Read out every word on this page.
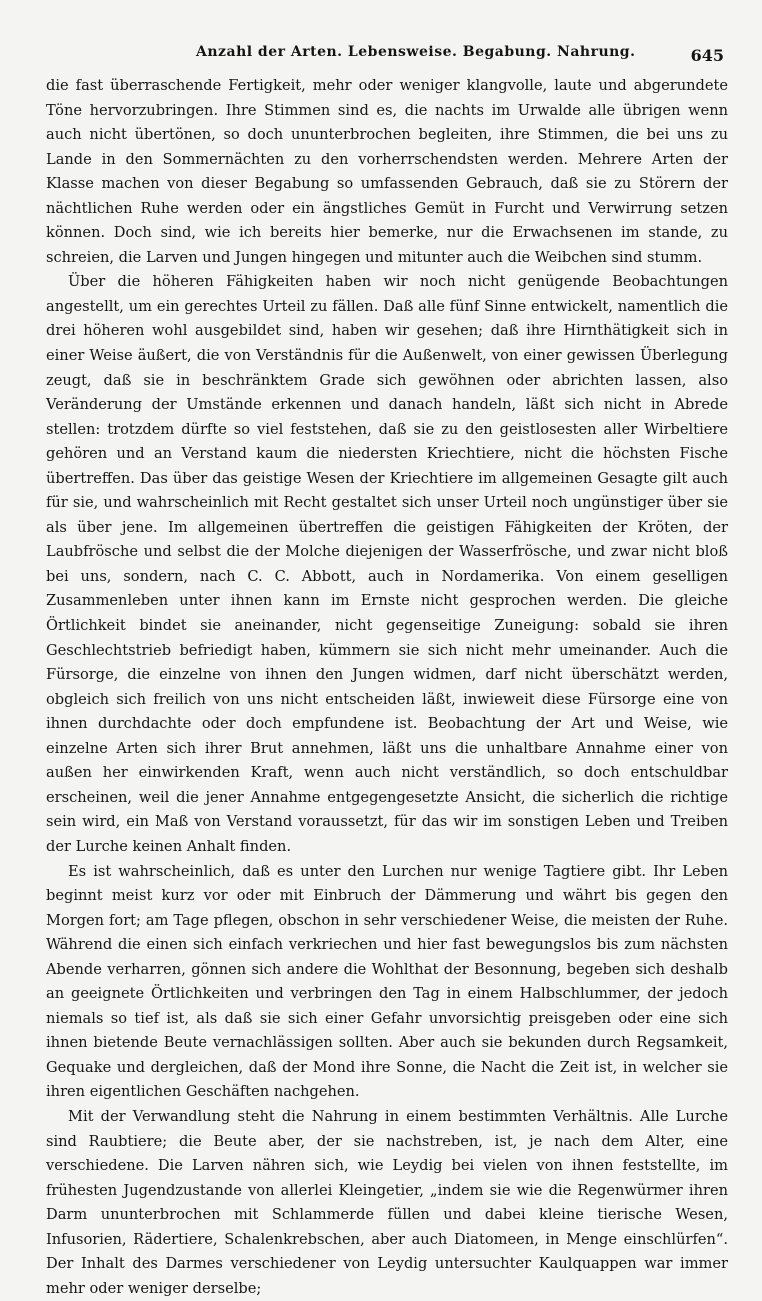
Anzahl der Arten. Lebensweise. Begabung. Nahrung.	645

die fast überraschende Fertigkeit, mehr oder weniger klangvolle, laute und abgerundete Töne hervorzubringen. Ihre Stimmen sind es, die nachts im Urwalde alle übrigen wenn auch nicht übertönen, so doch ununterbrochen begleiten, ihre Stimmen, die bei uns zu Lande in den Sommernächten zu den vorherrschendsten werden. Mehrere Arten der Klasse machen von dieser Begabung so umfassenden Gebrauch, daß sie zu Störern der nächtlichen Ruhe werden oder ein ängstliches Gemüt in Furcht und Verwirrung setzen können. Doch sind, wie ich bereits hier bemerke, nur die Erwachsenen im stande, zu schreien, die Larven und Jungen hingegen und mitunter auch die Weibchen sind stumm.

Über die höheren Fähigkeiten haben wir noch nicht genügende Beobachtungen angestellt, um ein gerechtes Urteil zu fällen. Daß alle fünf Sinne entwickelt, namentlich die drei höheren wohl ausgebildet sind, haben wir gesehen; daß ihre Hirnthätigkeit sich in einer Weise äußert, die von Verständnis für die Außenwelt, von einer gewissen Überlegung zeugt, daß sie in beschränktem Grade sich gewöhnen oder abrichten lassen, also Veränderung der Umstände erkennen und danach handeln, läßt sich nicht in Abrede stellen: trotzdem dürfte so viel feststehen, daß sie zu den geistlosesten aller Wirbeltiere gehören und an Verstand kaum die niedersten Kriechtiere, nicht die höchsten Fische übertreffen. Das über das geistige Wesen der Kriechtiere im allgemeinen Gesagte gilt auch für sie, und wahrscheinlich mit Recht gestaltet sich unser Urteil noch ungünstiger über sie als über jene. Im allgemeinen übertreffen die geistigen Fähigkeiten der Kröten, der Laubfrösche und selbst die der Molche diejenigen der Wasserfrösche, und zwar nicht bloß bei uns, sondern, nach C. C. Abbott, auch in Nordamerika. Von einem geselligen Zusammenleben unter ihnen kann im Ernste nicht gesprochen werden. Die gleiche Örtlichkeit bindet sie aneinander, nicht gegenseitige Zuneigung: sobald sie ihren Geschlechtstrieb befriedigt haben, kümmern sie sich nicht mehr umeinander. Auch die Fürsorge, die einzelne von ihnen den Jungen widmen, darf nicht überschätzt werden, obgleich sich freilich von uns nicht entscheiden läßt, inwieweit diese Fürsorge eine von ihnen durchdachte oder doch empfundene ist. Beobachtung der Art und Weise, wie einzelne Arten sich ihrer Brut annehmen, läßt uns die unhaltbare Annahme einer von außen her einwirkenden Kraft, wenn auch nicht verständlich, so doch entschuldbar erscheinen, weil die jener Annahme entgegengesetzte Ansicht, die sicherlich die richtige sein wird, ein Maß von Verstand voraussetzt, für das wir im sonstigen Leben und Treiben der Lurche keinen Anhalt finden.

Es ist wahrscheinlich, daß es unter den Lurchen nur wenige Tagtiere gibt. Ihr Leben beginnt meist kurz vor oder mit Einbruch der Dämmerung und währt bis gegen den Morgen fort; am Tage pflegen, obschon in sehr verschiedener Weise, die meisten der Ruhe. Während die einen sich einfach verkriechen und hier fast bewegungslos bis zum nächsten Abende verharren, gönnen sich andere die Wohlthat der Besonnung, begeben sich deshalb an geeignete Örtlichkeiten und verbringen den Tag in einem Halbschlummer, der jedoch niemals so tief ist, als daß sie sich einer Gefahr unvorsichtig preisgeben oder eine sich ihnen bietende Beute vernachlässigen sollten. Aber auch sie bekunden durch Regsamkeit, Gequake und dergleichen, daß der Mond ihre Sonne, die Nacht die Zeit ist, in welcher sie ihren eigentlichen Geschäften nachgehen.

Mit der Verwandlung steht die Nahrung in einem bestimmten Verhältnis. Alle Lurche sind Raubtiere; die Beute aber, der sie nachstreben, ist, je nach dem Alter, eine verschiedene. Die Larven nähren sich, wie Leydig bei vielen von ihnen feststellte, im frühesten Jugendzustande von allerlei Kleingetier, „indem sie wie die Regenwürmer ihren Darm ununterbrochen mit Schlammerde füllen und dabei kleine tierische Wesen, Infusorien, Rädertiere, Schalenkrebschen, aber auch Diatomeen, in Menge einschlürfen“. Der Inhalt des Darmes verschiedener von Leydig untersuchter Kaulquappen war immer mehr oder weniger derselbe;
